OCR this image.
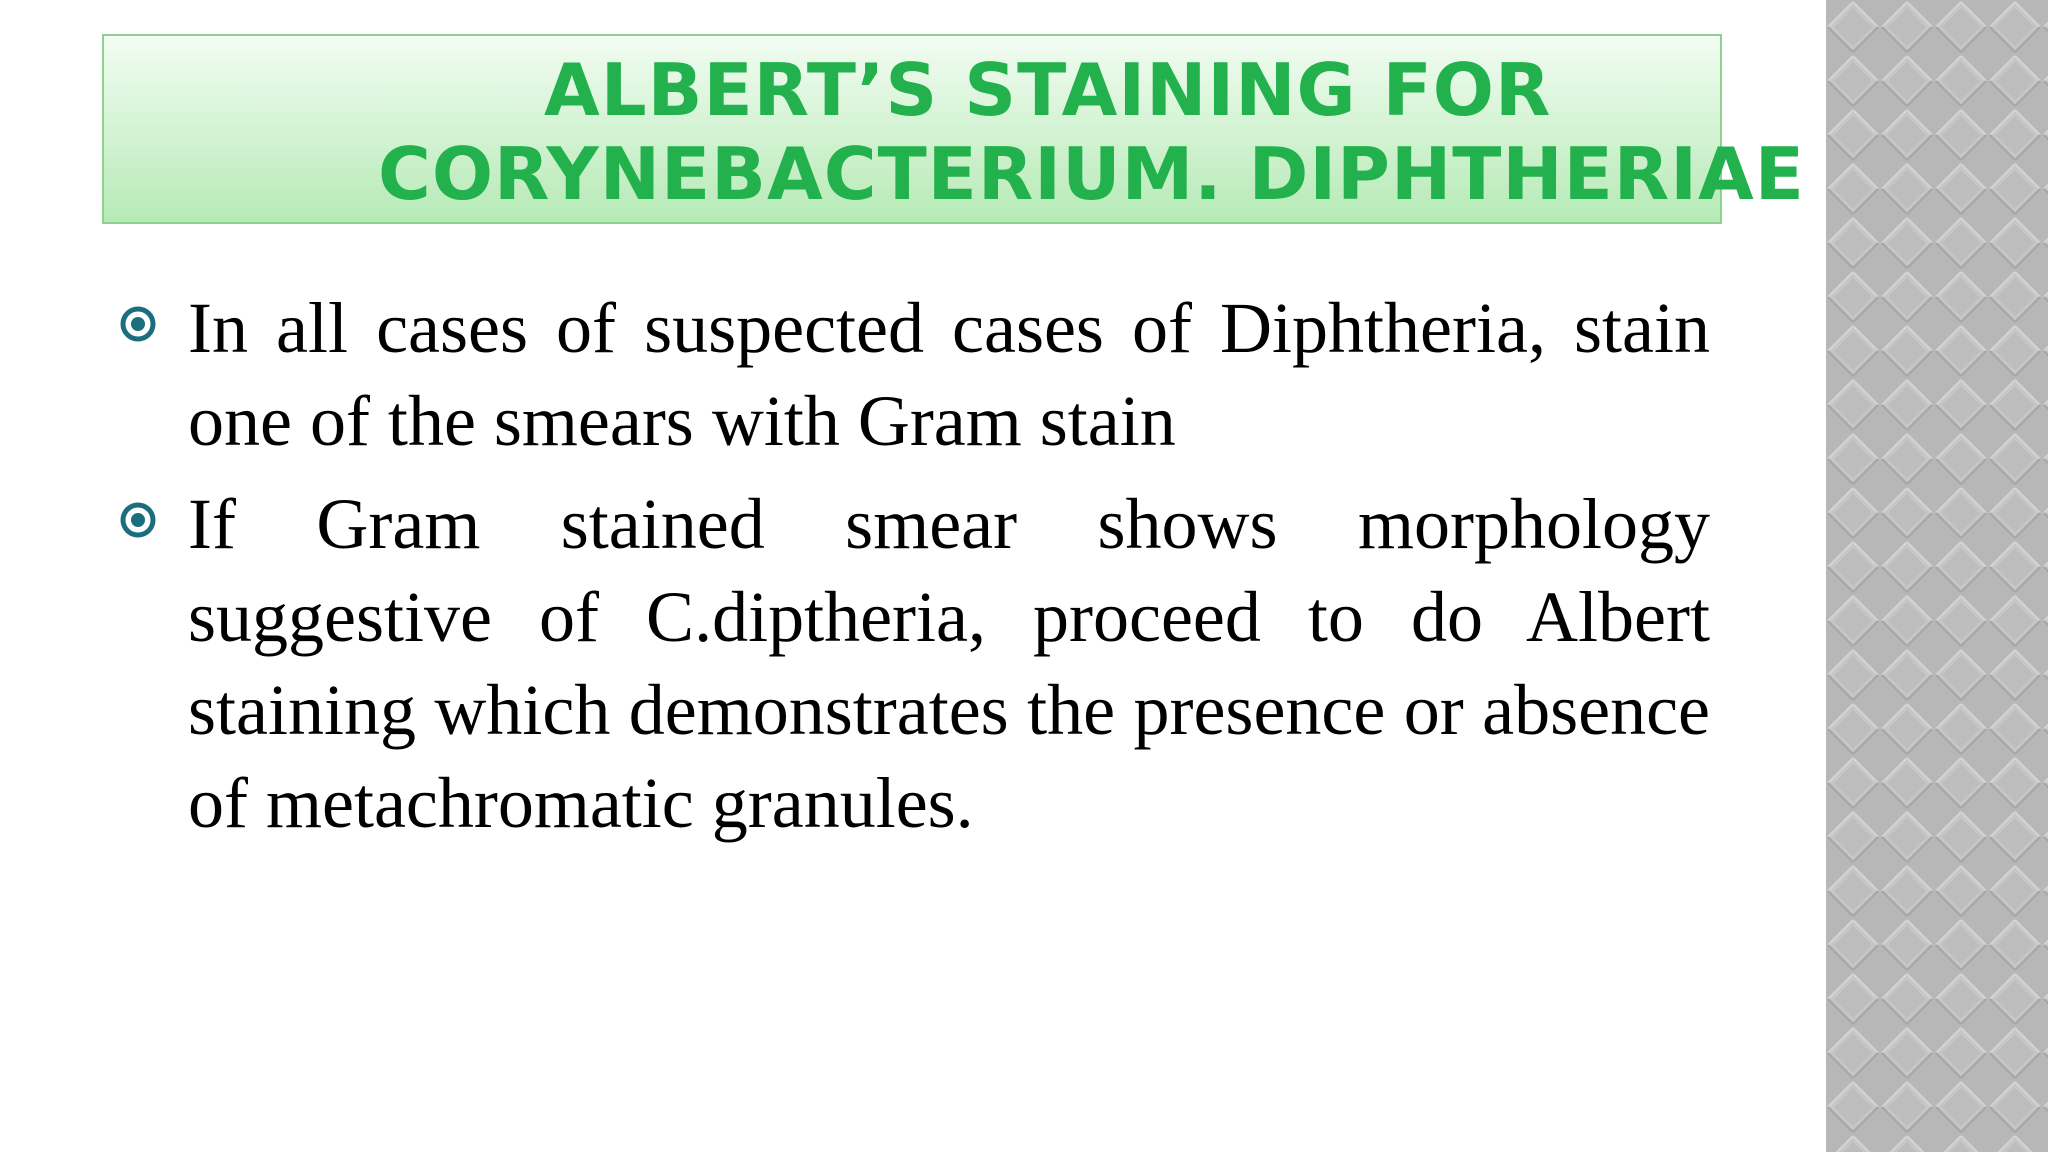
ALBERT’S STAINING FOR
CORYNEBACTERIUM. DIPHTHERIAE
In all cases of suspected cases of Diphtheria, stain one of the smears with Gram stain
If Gram stained smear shows morphology suggestive of C.diptheria, proceed to do Albert staining which demonstrates the presence or absence of metachromatic granules.
